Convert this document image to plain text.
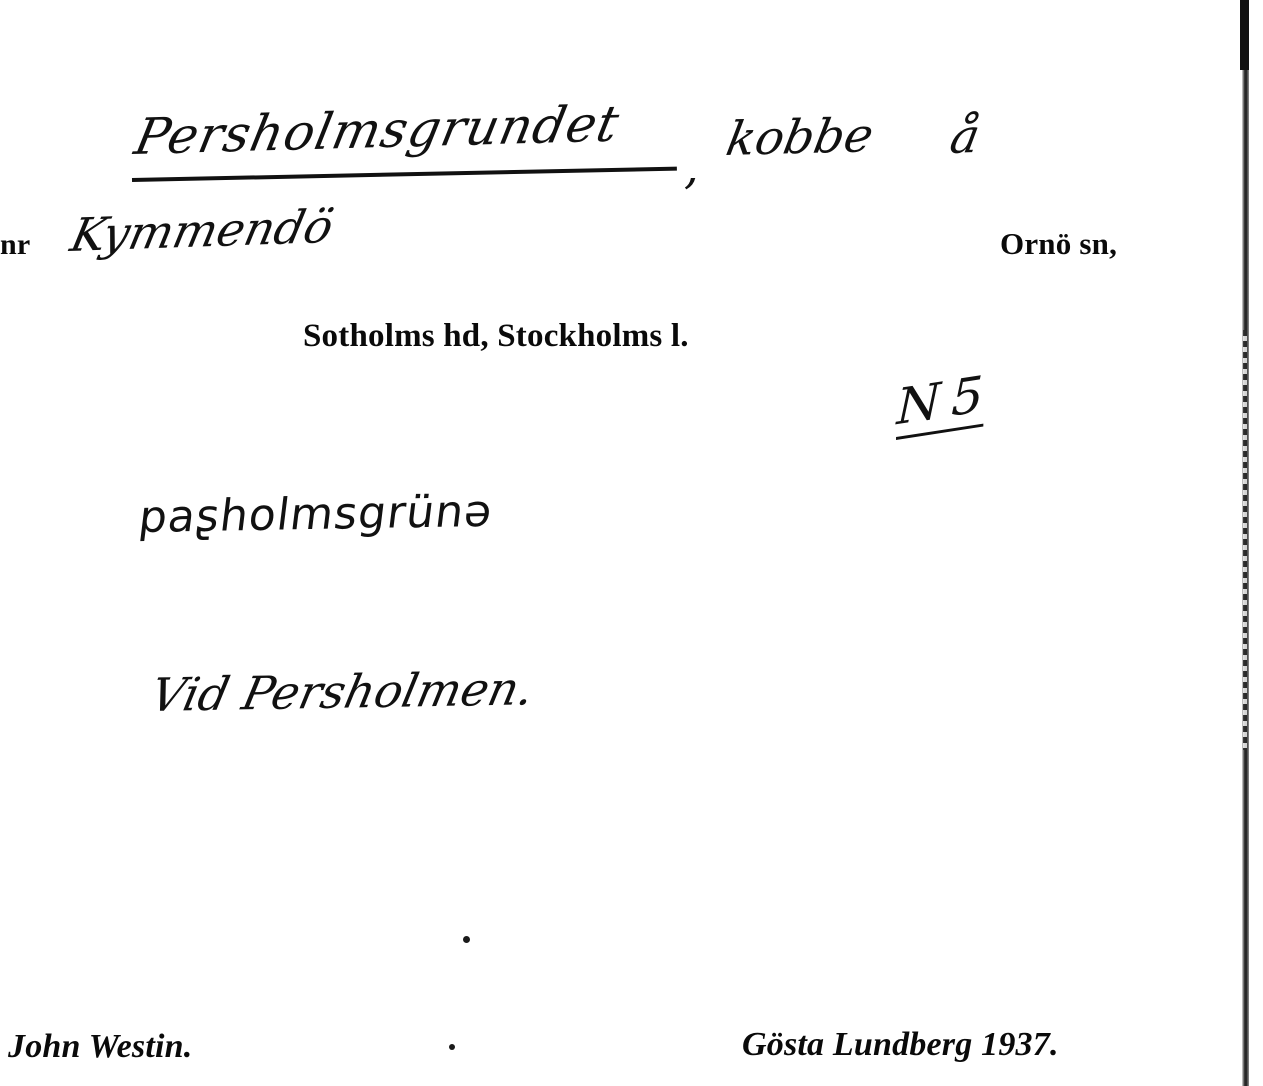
Persholmsgrundet
, kobbe å
nr Kymmendö	Ornö sn,
Sotholms hd, Stockholms l.
N 5
paʂholmsgrünə
Vid Persholmen.
John Westin.	Gösta Lundberg 1937.
